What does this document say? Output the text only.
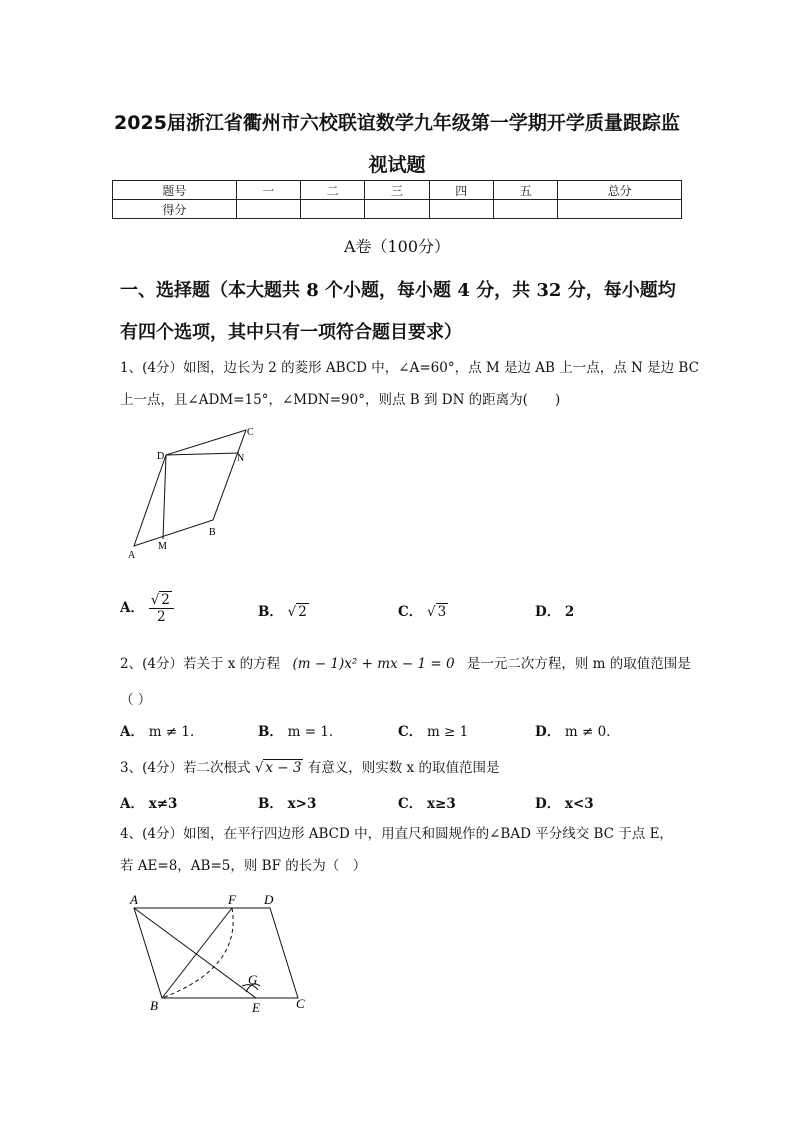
2025届浙江省衢州市六校联谊数学九年级第一学期开学质量跟踪监
视试题
题号	一	二	三	四	五	总分
得分						
A卷（100分）
一、选择题（本大题共 8 个小题，每小题 4 分，共 32 分，每小题均
有四个选项，其中只有一项符合题目要求）
1、(4分）如图，边长为 2 的菱形 ABCD 中，∠A=60°，点 M 是边 AB 上一点，点 N 是边 BC
上一点，且∠ADM=15°，∠MDN=90°，则点 B 到 DN 的距离为(　　)
A
M
B
C
D	N
A． $\frac{√ 2}{2}$	B． √ 2	C． √ 3	D． 2
2、(4分）若关于 x 的方程 (m − 1)x² + mx − 1 = 0 是一元二次方程，则 m 的取值范围是
（ ）
A． m ≠ 1．	B． m = 1．	C． m ≥ 1	D． m ≠ 0．
3、(4分）若二次根式 √ x − 3 有意义，则实数 x 的取值范围是
A． x≠3	B． x>3	C． x≥3	D． x<3
4、(4分）如图，在平行四边形 ABCD 中，用直尺和圆规作的∠BAD 平分线交 BC 于点 E，
若 AE=8，AB=5，则 BF 的长为（　）
A	F D
B	E	C
G
